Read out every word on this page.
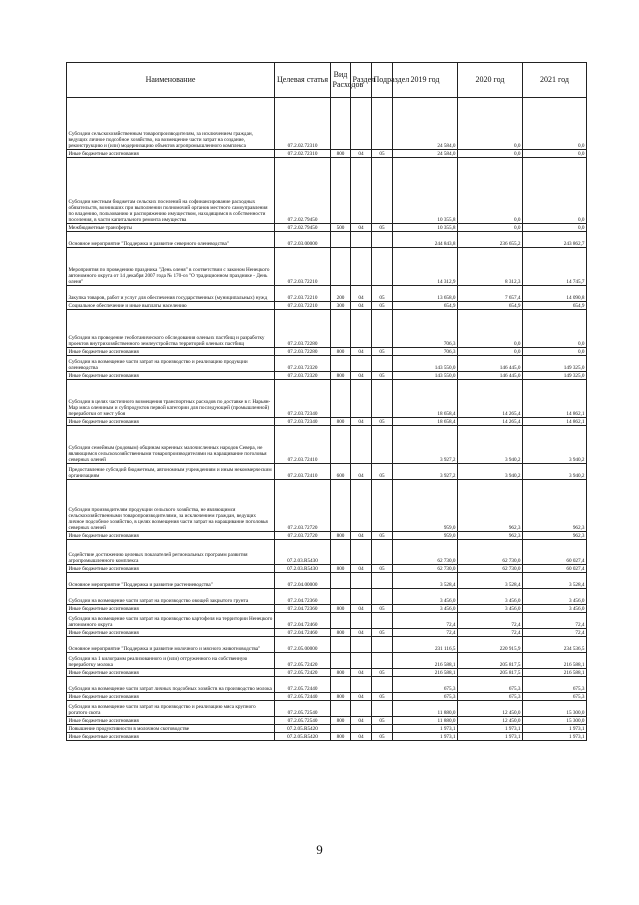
Наименование	Целевая статья	Вид Расходов	Раздел	Подраздел	2019 год	2020 год	2021 год
Субсидии сельскохозяйственным товаропроизводителям, за исключением граждан, ведущих личное подсобное хозяйство, на возмещение части затрат на создание, реконструкцию и (или) модернизацию объектов агропромышленного комплекса	07.2.02.72310				24 584,0	0,0	0,0
Иные бюджетные ассигнования	07.2.02.72310	800	04	05	24 584,0	0,0	0,0
Субсидии местным бюджетам сельских поселений на софинансирование расходных обязательств, возникших при выполнении полномочий органов местного самоуправления по владению, пользованию и распоряжению имуществом, находящимся в собственности поселения, в части капитального ремонта имущества	07.2.02.79450				10 355,8	0,0	0,0
Межбюджетные трансферты	07.2.02.79450	500	04	05	10 355,8	0,0	0,0
Основное мероприятие "Поддержка и развитие северного оленеводства"	07.2.03.00000				244 843,8	236 655,2	243 862,7
Мероприятия по проведению праздника "День оленя" в соответствии с законом Ненецкого автономного округа от 14 декабря 2007 года № 170-оз "О традиционном празднике - День оленя"	07.2.03.72210				14 312,9	8 312,3	14 745,7
Закупка товаров, работ и услуг для обеспечения государственных (муниципальных) нужд	07.2.03.72210	200	04	05	13 658,0	7 657,4	14 090,8
Социальное обеспечение и иные выплаты населению	07.2.03.72210	300	04	05	654,9	654,9	654,9
Субсидии на проведение геоботанического обследования оленьих пастбищ и разработку проектов внутрихозяйственного землеустройства территорий оленьих пастбищ	07.2.03.72280				706,3	0,0	0,0
Иные бюджетные ассигнования	07.2.03.72280	800	04	05	706,3	0,0	0,0
Субсидии на возмещение части затрат на производство и реализацию продукции оленеводства	07.2.03.72320				143 550,0	146 445,0	149 325,0
Иные бюджетные ассигнования	07.2.03.72320	800	04	05	143 550,0	146 445,0	149 325,0
Субсидии в целях частичного возмещения транспортных расходов по доставке в г. Нарьян-Мар мяса олениным и субпродуктов первой категории для последующей (промышленной) переработки от мест убоя	07.2.03.72340				18 658,4	14 265,4	14 862,1
Иные бюджетные ассигнования	07.2.03.72340	800	04	05	18 658,4	14 265,4	14 862,1
Субсидии семейным (родовым) общинам коренных малочисленных народов Севера, не являющимся сельскохозяйственными товаропроизводителями на наращивание поголовья северных оленей	07.2.03.72410				3 927,2	3 940,2	3 940,2
Предоставление субсидий бюджетным, автономным учреждениям и иным некоммерческим организациям	07.2.03.72410	600	04	05	3 927,2	3 940,2	3 940,2
Субсидии производителям продукции сельского хозяйства, не являющимся сельскохозяйственными товаропроизводителями, за исключением граждан, ведущих личное подсобное хозяйство, в целях возмещения части затрат на наращивание поголовья северных оленей	07.2.03.72720				959,0	962,3	962,3
Иные бюджетные ассигнования	07.2.03.72720	800	04	05	959,0	962,3	962,3
Содействие достижению целевых показателей региональных программ развития агропромышленного комплекса	07.2.03.R5430				62 730,0	62 730,0	60 027,4
Иные бюджетные ассигнования	07.2.03.R5430	800	04	05	62 730,0	62 730,0	60 027,4
Основное мероприятие "Поддержка и развитие растениеводства"	07.2.04.00000				3 528,4	3 528,4	3 528,4
Субсидии на возмещение части затрат на производство овощей закрытого грунта	07.2.04.72360				3 456,0	3 456,0	3 456,0
Иные бюджетные ассигнования	07.2.04.72360	800	04	05	3 456,0	3 456,0	3 456,0
Субсидии на возмещение части затрат на производство картофеля на территории Ненецкого автономного округа	07.2.04.72460				72,4	72,4	72,4
Иные бюджетные ассигнования	07.2.04.72460	800	04	05	72,4	72,4	72,4
Основное мероприятие "Поддержка и развитие молочного и мясного животноводства"	07.2.05.00000				231 116,5	220 915,9	234 536,5
Субсидии на 1 килограмм реализованного и (или) отгруженного на собственную переработку молока	07.2.05.72420				216 588,1	205 817,5	216 588,1
Иные бюджетные ассигнования	07.2.05.72420	800	04	05	216 588,1	205 817,5	216 588,1
Субсидии на возмещение части затрат личных подсобных хозяйств на производство молока	07.2.05.72440				675,3	675,3	675,3
Иные бюджетные ассигнования	07.2.05.72440	800	04	05	675,3	675,3	675,3
Субсидии на возмещение части затрат на производство и реализацию мяса крупного рогатого скота	07.2.05.72540				11 880,0	12 450,0	15 300,0
Иные бюджетные ассигнования	07.2.05.72540	800	04	05	11 880,0	12 450,0	15 300,0
Повышение продуктивности в молочном скотоводстве	07.2.05.R5420				1 973,1	1 973,1	1 973,1
Иные бюджетные ассигнования	07.2.05.R5420	800	04	05	1 973,1	1 973,1	1 973,1
9
